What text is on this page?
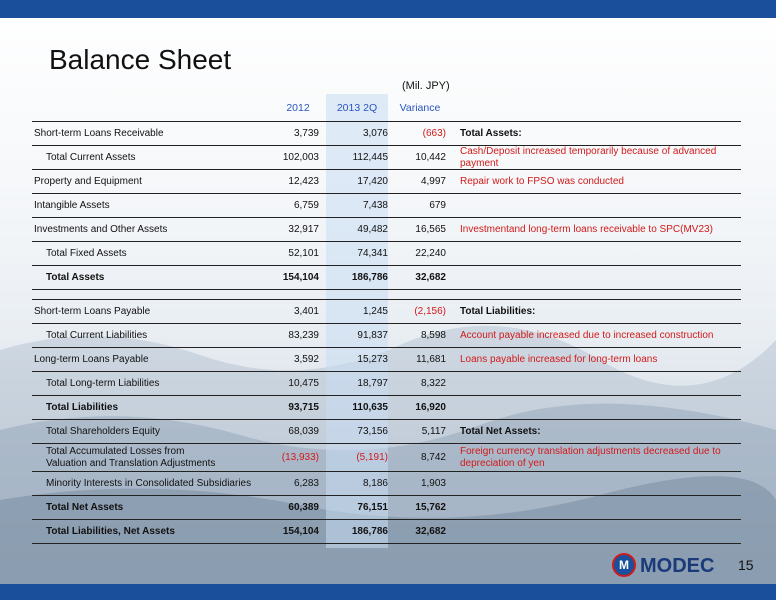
Balance Sheet
(Mil. JPY)
2012	2013 2Q	Variance
Short-term Loans Receivable	3,739	3,076	(663) Total Assets:
Total Current Assets	102,003	112,445	10,442
Cash/Deposit increased temporarily because of advanced payment
Property and Equipment	12,423	17,420	4,997 Repair work to FPSO was conducted
Intangible Assets	6,759	7,438	679
Investments and Other Assets	32,917	49,482	16,565 Investmentand long-term loans receivable to SPC(MV23)
Total Fixed Assets	52,101	74,341	22,240
Total Assets	154,104	186,786	32,682
Short-term Loans Payable	3,401	1,245	(2,156) Total Liabilities:
Total Current Liabilities	83,239	91,837	8,598 Account payable increased due to increased construction
Long-term Loans Payable	3,592	15,273	11,681 Loans payable increased for long-term loans
Total Long-term Liabilities	10,475	18,797	8,322
Total Liabilities	93,715	110,635	16,920
Total Shareholders Equity	68,039	73,156	5,117 Total Net Assets:
Total Accumulated Losses from
Valuation and Translation Adjustments	(13,933)	(5,191)	8,742
Foreign currency translation adjustments decreased due to depreciation of yen
Minority Interests in Consolidated Subsidiaries	6,283	8,186	1,903
Total Net Assets	60,389	76,151	15,762
Total Liabilities, Net Assets	154,104	186,786	32,682
M MODEC 15
